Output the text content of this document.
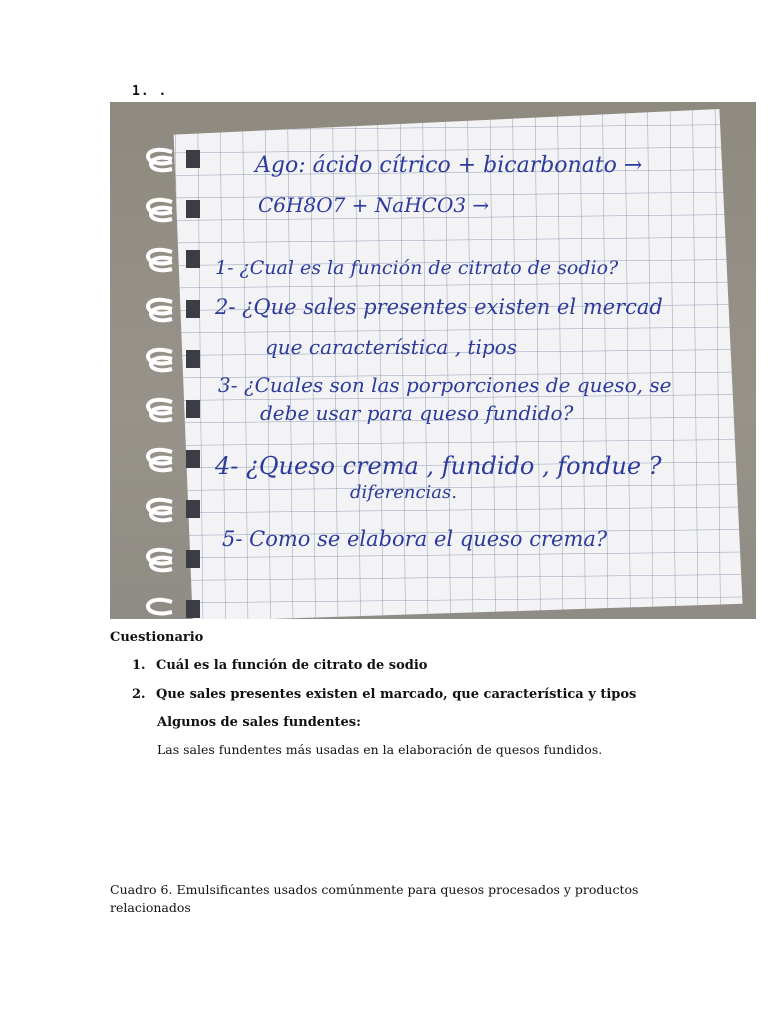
1. .
Ago: ácido cítrico + bicarbonato →
C6H8O7 + NaHCO3 →
1- ¿Cual es la función de citrato de sodio?
2- ¿Que sales presentes existen el mercad
que característica , tipos
3- ¿Cuales son las porporciones de queso, se
debe usar para queso fundido?
4- ¿Queso crema , fundido , fondue ?
diferencias.
5- Como se elabora el queso crema?
Cuestionario
1. Cuál es la función de citrato de sodio
2. Que sales presentes existen el marcado, que característica y tipos
Algunos de sales fundentes:
Las sales fundentes más usadas en la elaboración de quesos fundidos.
Cuadro 6. Emulsificantes usados comúnmente para quesos procesados y productos relacionados
